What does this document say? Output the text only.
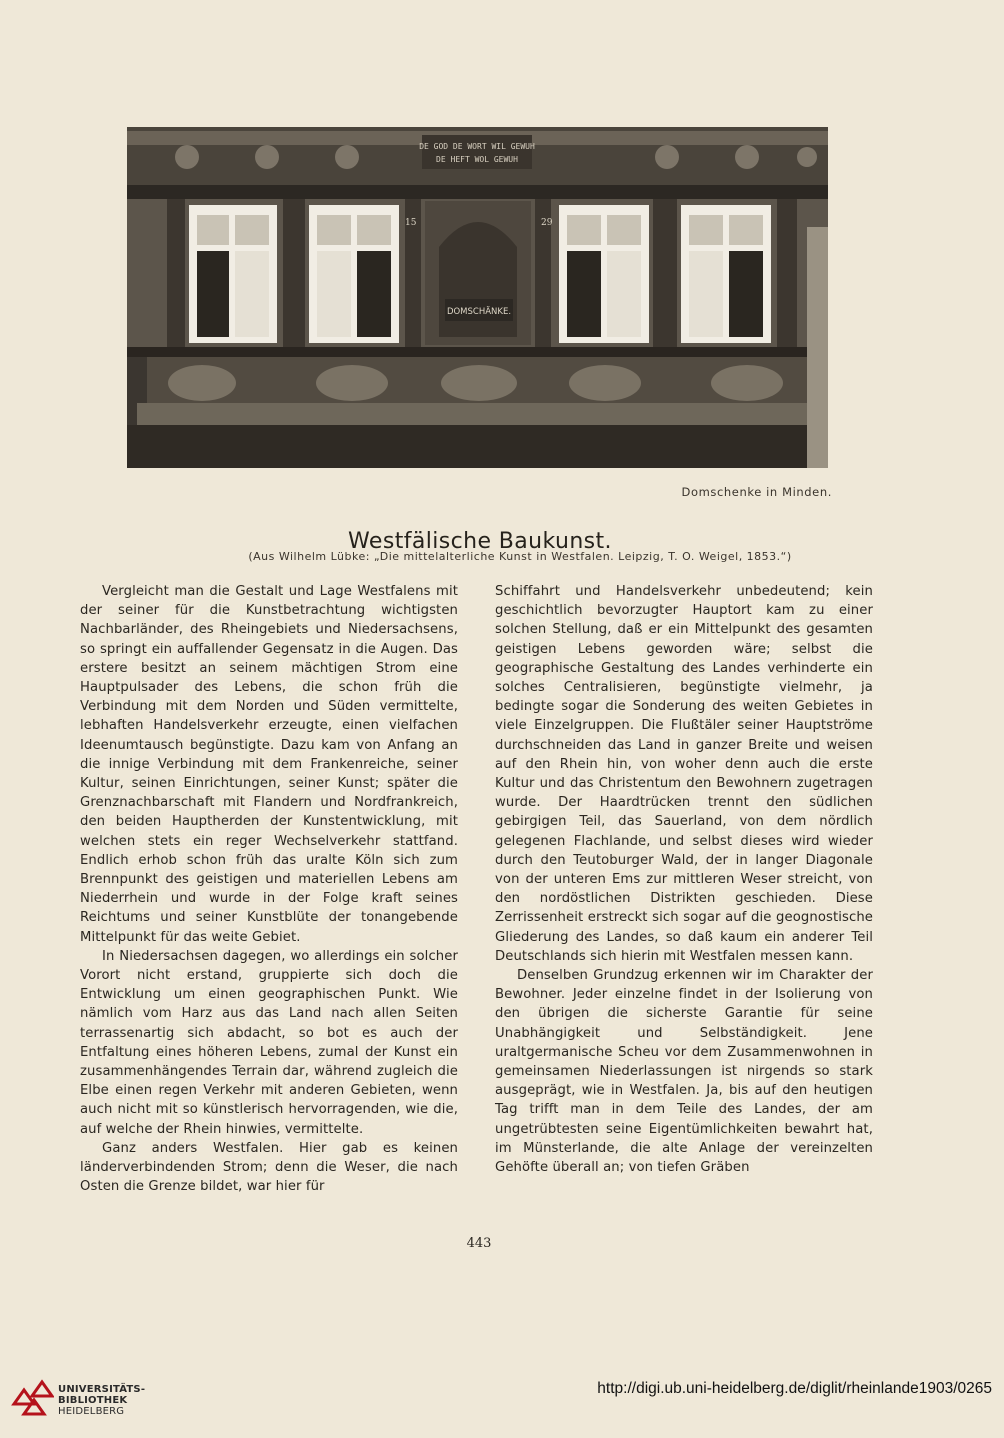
DE GOD DE WORT WIL GEWUH
DE HEFT WOL GEWUH
DOMSCHÄNKE.
15	29
Domschenke in Minden.
Westfälische Baukunst.
(Aus Wilhelm Lübke: „Die mittelalterliche Kunst in Westfalen. Leipzig, T. O. Weigel, 1853.“)

Vergleicht man die Gestalt und Lage Westfalens mit der seiner für die Kunstbetrachtung wichtigsten Nachbarländer, des Rheingebiets und Niedersachsens, so springt ein auffallender Gegensatz in die Augen. Das erstere besitzt an seinem mächtigen Strom eine Hauptpulsader des Lebens, die schon früh die Verbindung mit dem Norden und Süden vermittelte, lebhaften Handelsverkehr erzeugte, einen vielfachen Ideenumtausch begünstigte. Dazu kam von Anfang an die innige Verbindung mit dem Frankenreiche, seiner Kultur, seinen Einrichtungen, seiner Kunst; später die Grenznachbarschaft mit Flandern und Nordfrankreich, den beiden Hauptherden der Kunstentwicklung, mit welchen stets ein reger Wechselverkehr stattfand. Endlich erhob schon früh das uralte Köln sich zum Brennpunkt des geistigen und materiellen Lebens am Niederrhein und wurde in der Folge kraft seines Reichtums und seiner Kunstblüte der tonangebende Mittelpunkt für das weite Gebiet.

In Niedersachsen dagegen, wo allerdings ein solcher Vorort nicht erstand, gruppierte sich doch die Entwicklung um einen geographischen Punkt. Wie nämlich vom Harz aus das Land nach allen Seiten terrassenartig sich abdacht, so bot es auch der Entfaltung eines höheren Lebens, zumal der Kunst ein zusammenhängendes Terrain dar, während zugleich die Elbe einen regen Verkehr mit anderen Gebieten, wenn auch nicht mit so künstlerisch hervorragenden, wie die, auf welche der Rhein hinwies, vermittelte.

Ganz anders Westfalen. Hier gab es keinen länderverbindenden Strom; denn die Weser, die nach Osten die Grenze bildet, war hier für

Schiffahrt und Handelsverkehr unbedeutend; kein geschichtlich bevorzugter Hauptort kam zu einer solchen Stellung, daß er ein Mittelpunkt des gesamten geistigen Lebens geworden wäre; selbst die geographische Gestaltung des Landes verhinderte ein solches Centralisieren, begünstigte vielmehr, ja bedingte sogar die Sonderung des weiten Gebietes in viele Einzelgruppen. Die Flußtäler seiner Hauptströme durchschneiden das Land in ganzer Breite und weisen auf den Rhein hin, von woher denn auch die erste Kultur und das Christentum den Bewohnern zugetragen wurde. Der Haardtrücken trennt den südlichen gebirgigen Teil, das Sauerland, von dem nördlich gelegenen Flachlande, und selbst dieses wird wieder durch den Teutoburger Wald, der in langer Diagonale von der unteren Ems zur mittleren Weser streicht, von den nordöstlichen Distrikten geschieden. Diese Zerrissenheit erstreckt sich sogar auf die geognostische Gliederung des Landes, so daß kaum ein anderer Teil Deutschlands sich hierin mit Westfalen messen kann.

Denselben Grundzug erkennen wir im Charakter der Bewohner. Jeder einzelne findet in der Isolierung von den übrigen die sicherste Garantie für seine Unabhängigkeit und Selbständigkeit. Jene uraltgermanische Scheu vor dem Zusammenwohnen in gemeinsamen Niederlassungen ist nirgends so stark ausgeprägt, wie in Westfalen. Ja, bis auf den heutigen Tag trifft man in dem Teile des Landes, der am ungetrübtesten seine Eigentümlichkeiten bewahrt hat, im Münsterlande, die alte Anlage der vereinzelten Gehöfte überall an; von tiefen Gräben

443
UNIVERSITÄTS-
BIBLIOTHEK
HEIDELBERG
http://digi.ub.uni-heidelberg.de/diglit/rheinlande1903/0265
